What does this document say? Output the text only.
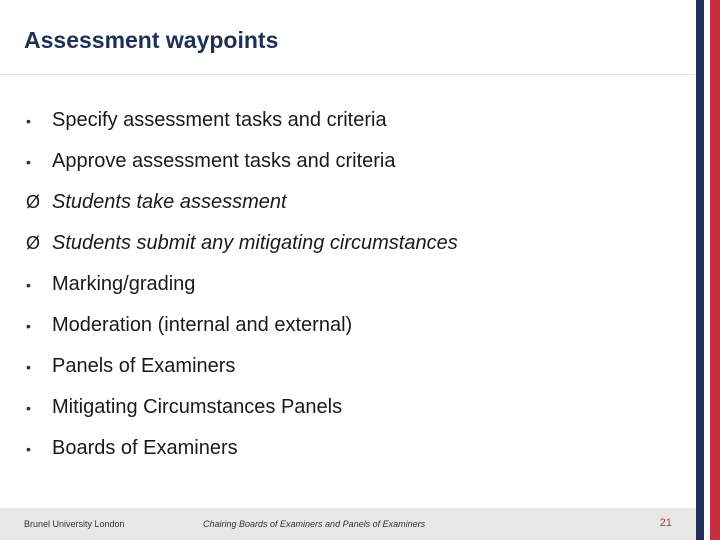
Assessment waypoints
•	Specify assessment tasks and criteria
•	Approve assessment tasks and criteria
Ø Students take assessment
Ø Students submit any mitigating circumstances
•	Marking/grading
•	Moderation (internal and external)
•	Panels of Examiners
•	Mitigating Circumstances Panels
•	Boards of Examiners
Brunel University London	Chairing Boards of Examiners and Panels of Examiners	21
